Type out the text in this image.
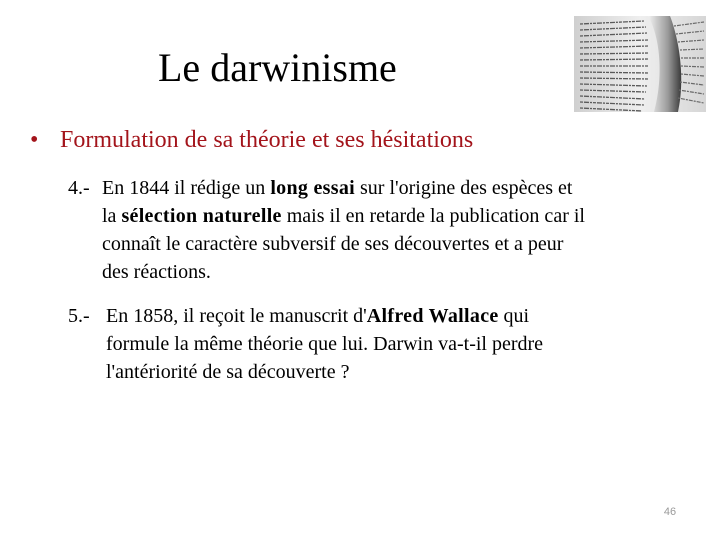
Le darwinisme
• Formulation de sa théorie et ses hésitations
4.- En 1844 il rédige un long essai sur l'origine des espèces et
la sélection naturelle mais il en retarde la publication car il
connaît le caractère subversif de ses découvertes et a peur
des réactions.
5.- En 1858, il reçoit le manuscrit d'Alfred Wallace qui
formule la même théorie que lui. Darwin va-t-il perdre
l'antériorité de sa découverte ?
46
